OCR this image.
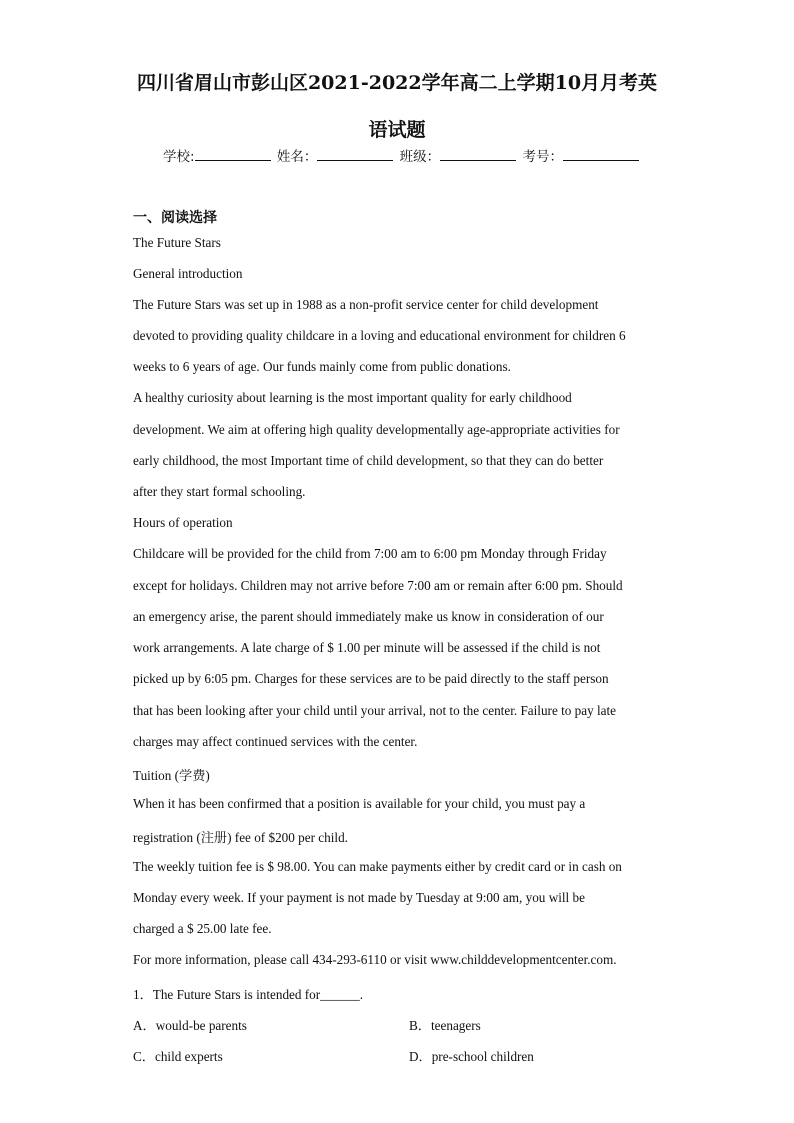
四川省眉山市彭山区2021-2022学年高二上学期10月月考英
语试题
学校:	姓名：	班级：	考号：
一、阅读选择
The Future Stars
General introduction
The Future Stars was set up in 1988 as a non-profit service center for child development
devoted to providing quality childcare in a loving and educational environment for children 6
weeks to 6 years of age. Our funds mainly come from public donations.
A healthy curiosity about learning is the most important quality for early childhood
development. We aim at offering high quality developmentally age-appropriate activities for
early childhood, the most Important time of child development, so that they can do better
after they start formal schooling.
Hours of operation
Childcare will be provided for the child from 7:00 am to 6:00 pm Monday through Friday
except for holidays. Children may not arrive before 7:00 am or remain after 6:00 pm. Should
an emergency arise, the parent should immediately make us know in consideration of our
work arrangements. A late charge of $ 1.00 per minute will be assessed if the child is not
picked up by 6:05 pm. Charges for these services are to be paid directly to the staff person
that has been looking after your child until your arrival, not to the center. Failure to pay late
charges may affect continued services with the center.
Tuition (学费)
When it has been confirmed that a position is available for your child, you must pay a
registration (注册) fee of $200 per child.
The weekly tuition fee is $ 98.00. You can make payments either by credit card or in cash on
Monday every week. If your payment is not made by Tuesday at 9:00 am, you will be
charged a $ 25.00 late fee.
For more information, please call 434-293-6110 or visit www.childdevelopmentcenter.com.
1．The Future Stars is intended for______.
A．would-be parents	B．teenagers
C．child experts	D．pre-school children
